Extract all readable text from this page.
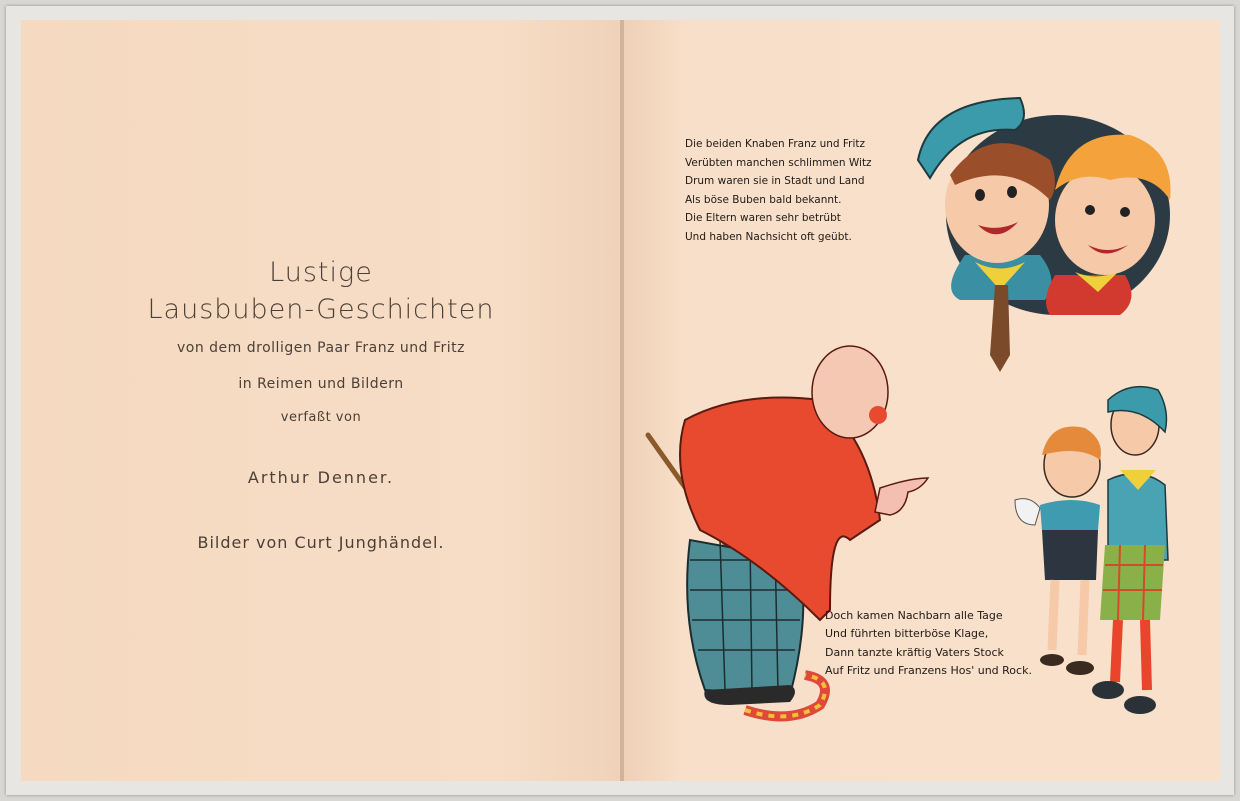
Lustige

Lausbuben-Geschichten

von dem drolligen Paar Franz und Fritz

in Reimen und Bildern

verfaßt von

Arthur Denner.

Bilder von Curt Junghändel.

Die beiden Knaben Franz und Fritz
Verübten manchen schlimmen Witz
Drum waren sie in Stadt und Land
Als böse Buben bald bekannt.
Die Eltern waren sehr betrübt
Und haben Nachsicht oft geübt.
Doch kamen Nachbarn alle Tage
Und führten bitterböse Klage,
Dann tanzte kräftig Vaters Stock
Auf Fritz und Franzens Hos' und Rock.
